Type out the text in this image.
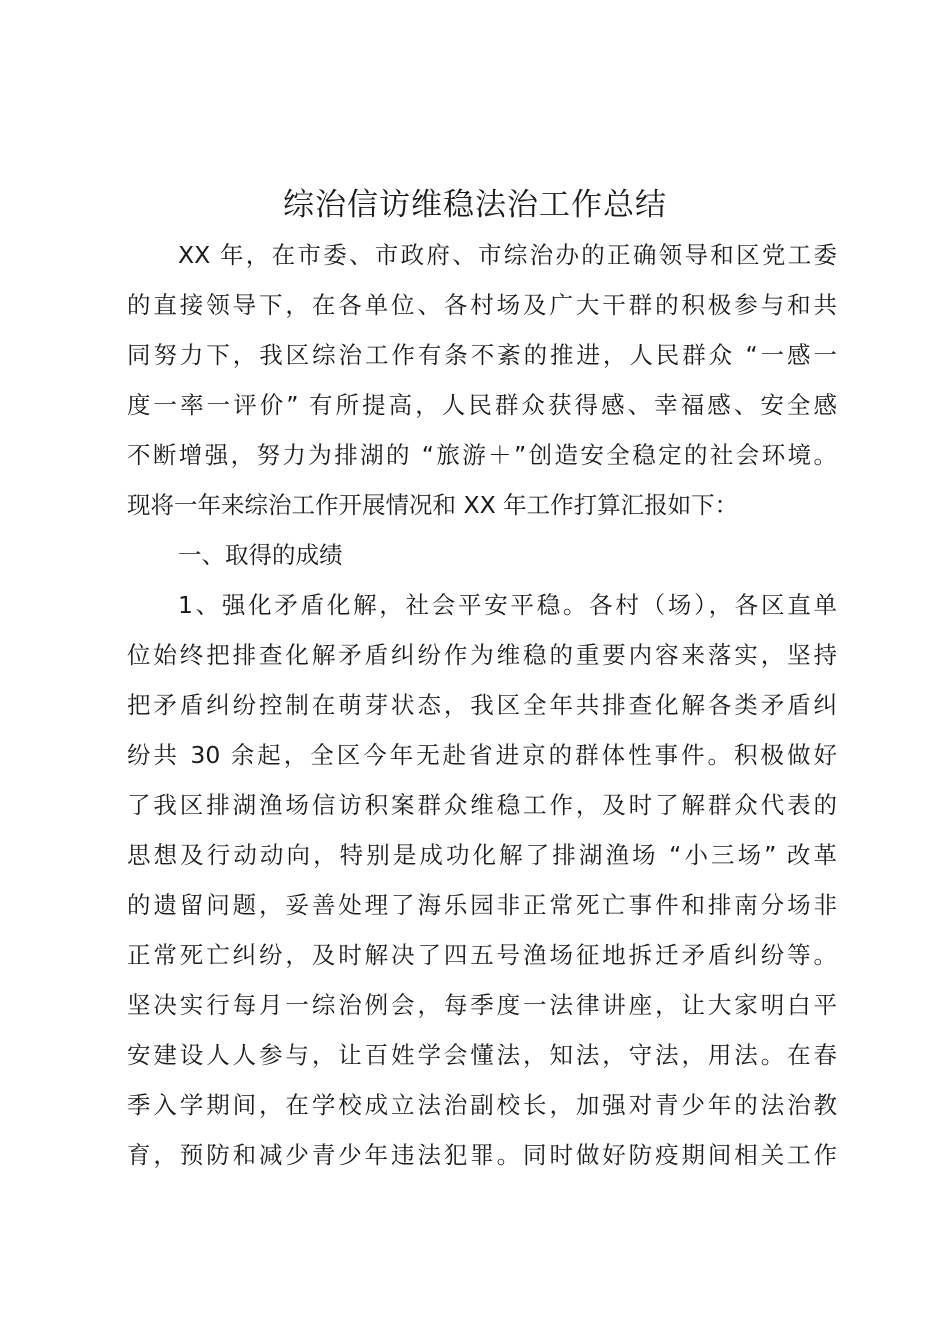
综治信访维稳法治工作总结
XX 年，在市委、市政府、市综治办的正确领导和区党工委
的直接领导下，在各单位、各村场及广大干群的积极参与和共
同努力下，我区综治工作有条不紊的推进，人民群众 “一感一
度一率一评价” 有所提高，人民群众获得感、幸福感、安全感
不断增强，努力为排湖的 “旅游＋”创造安全稳定的社会环境。
现将一年来综治工作开展情况和 XX 年工作打算汇报如下：
一、取得的成绩
1、强化矛盾化解，社会平安平稳。各村（场），各区直单
位始终把排查化解矛盾纠纷作为维稳的重要内容来落实，坚持
把矛盾纠纷控制在萌芽状态，我区全年共排查化解各类矛盾纠
纷共 30 余起，全区今年无赴省进京的群体性事件。积极做好
了我区排湖渔场信访积案群众维稳工作，及时了解群众代表的
思想及行动动向，特别是成功化解了排湖渔场 “小三场” 改革
的遗留问题，妥善处理了海乐园非正常死亡事件和排南分场非
正常死亡纠纷，及时解决了四五号渔场征地拆迁矛盾纠纷等。
坚决实行每月一综治例会，每季度一法律讲座，让大家明白平
安建设人人参与，让百姓学会懂法，知法，守法，用法。在春
季入学期间，在学校成立法治副校长，加强对青少年的法治教
育，预防和减少青少年违法犯罪。同时做好防疫期间相关工作
